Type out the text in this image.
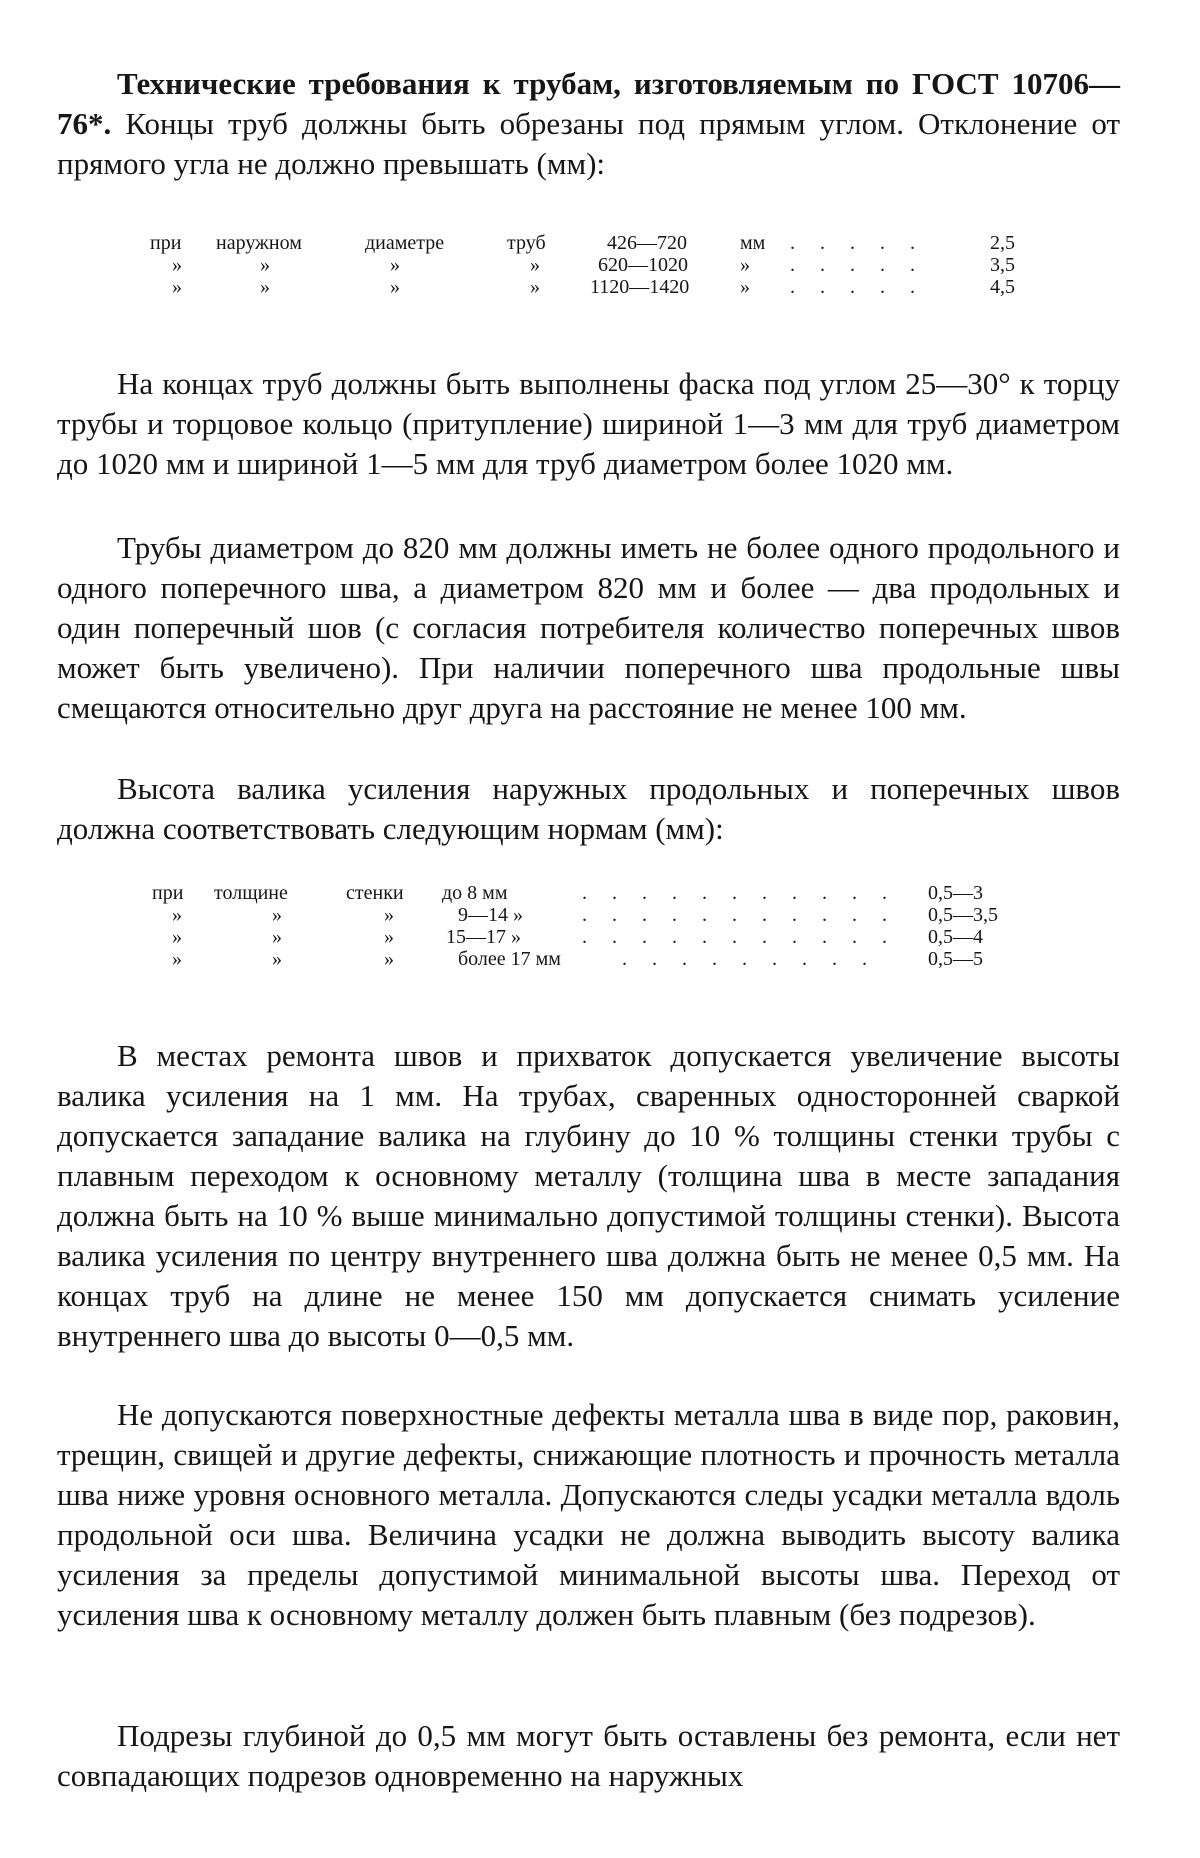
Технические требования к трубам, изготовляемым по ГОСТ 10706—76*. Концы труб должны быть обрезаны под прямым углом. Отклонение от прямого угла не должно превышать (мм):

при наружном	диаметре	труб	426—720	мм . . . . .	2,5
»	»	»	»	620—1020	» . . . . .	3,5
»	»	»	»	1120—1420	» . . . . .	4,5

На концах труб должны быть выполнены фаска под углом 25—30° к торцу трубы и торцовое кольцо (притупление) шириной 1—3 мм для труб диаметром до 1020 мм и шириной 1—5 мм для труб диаметром более 1020 мм.

Трубы диаметром до 820 мм должны иметь не более одного продольного и одного поперечного шва, а диаметром 820 мм и более — два продольных и один поперечный шов (с согласия потребителя количество поперечных швов может быть увеличено). При наличии поперечного шва продольные швы смещаются относительно друг друга на расстояние не менее 100 мм.

Высота валика усиления наружных продольных и поперечных швов должна соответствовать следующим нормам (мм):

при толщине	стенки до 8 мм	. . . . . . . . . . . 0,5—3
»	»	»	9—14 »	. . . . . . . . . . . 0,5—3,5
»	»	»	15—17 »	. . . . . . . . . . . 0,5—4
»	»	»	более 17 мм	. . . . . . . . .	0,5—5

В местах ремонта швов и прихваток допускается увеличение высоты валика усиления на 1 мм. На трубах, сваренных односторонней сваркой допускается западание валика на глубину до 10 % толщины стенки трубы с плавным переходом к основному металлу (толщина шва в месте западания должна быть на 10 % выше минимально допустимой толщины стенки). Высота валика усиления по центру внутреннего шва должна быть не менее 0,5 мм. На концах труб на длине не менее 150 мм допускается снимать усиление внутреннего шва до высоты 0—0,5 мм.

Не допускаются поверхностные дефекты металла шва в виде пор, раковин, трещин, свищей и другие дефекты, снижающие плотность и прочность металла шва ниже уровня основного металла. Допускаются следы усадки металла вдоль продольной оси шва. Величина усадки не должна выводить высоту валика усиления за пределы допустимой минимальной высоты шва. Переход от усиления шва к основному металлу должен быть плавным (без подрезов).

Подрезы глубиной до 0,5 мм могут быть оставлены без ремонта, если нет совпадающих подрезов одновременно на наружных
